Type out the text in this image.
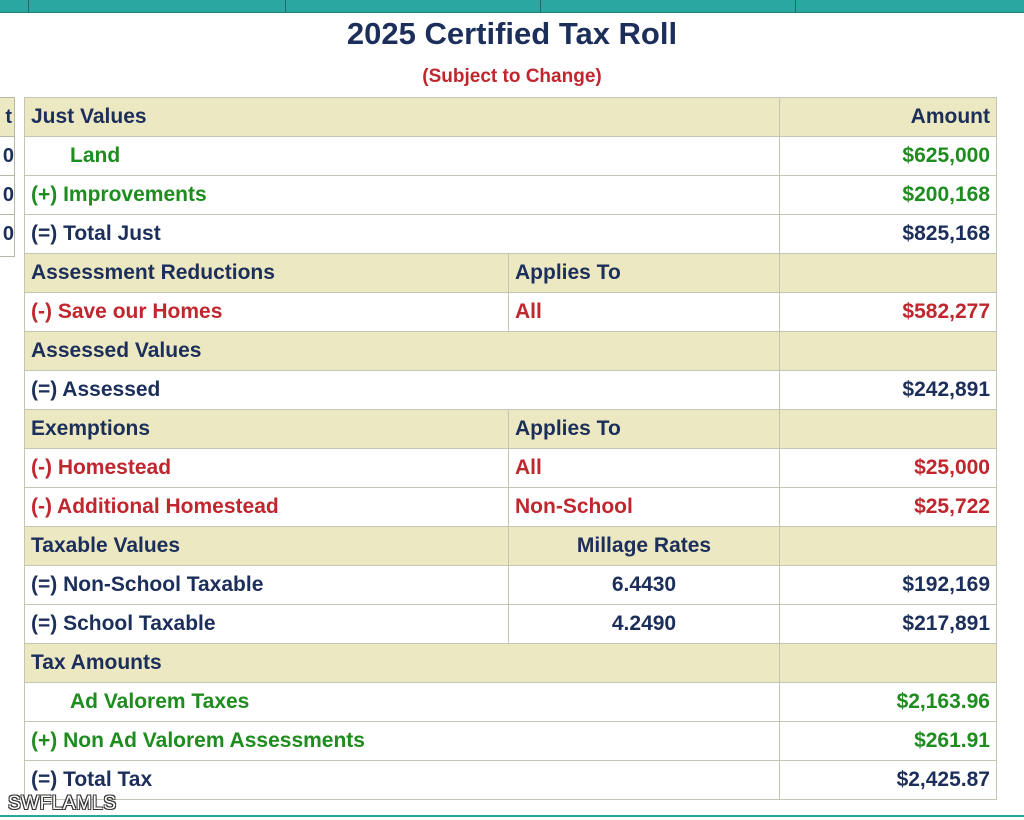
2025 Certified Tax Roll
(Subject to Change)
t
0
0
0
Just Values		Amount
Land		$625,000
(+) Improvements		$200,168
(=) Total Just		$825,168
Assessment Reductions	Applies To	
(-) Save our Homes	All	$582,277
Assessed Values		
(=) Assessed		$242,891
Exemptions	Applies To	
(-) Homestead	All	$25,000
(-) Additional Homestead	Non-School	$25,722
Taxable Values	Millage Rates	
(=) Non-School Taxable	6.4430	$192,169
(=) School Taxable	4.2490	$217,891
Tax Amounts		
Ad Valorem Taxes		$2,163.96
(+) Non Ad Valorem Assessments		$261.91
(=) Total Tax		$2,425.87
SWFLAMLS
